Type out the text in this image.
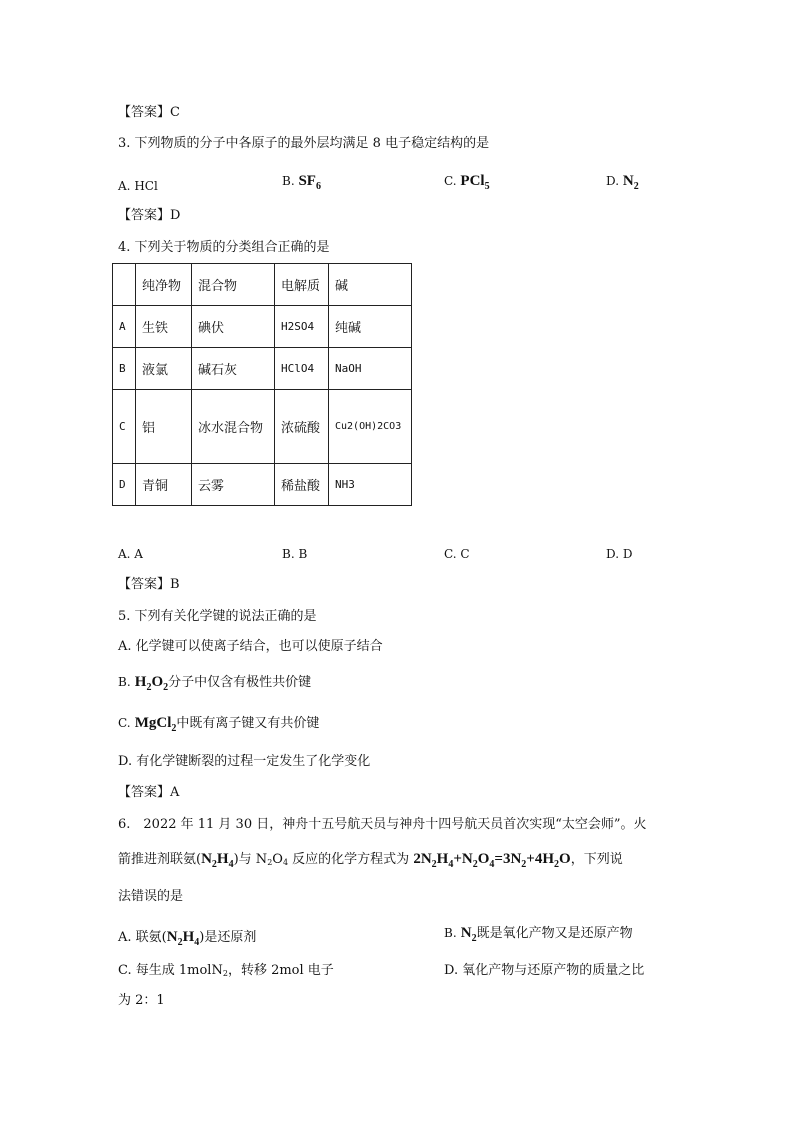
【答案】C
3. 下列物质的分子中各原子的最外层均满足 8 电子稳定结构的是
A. HCl	B. $SF_6$	C. PCl$_5$	D. $N_2$
【答案】D
4. 下列关于物质的分类组合正确的是
	纯净物	混合物	电解质	碱
A	生铁	碘伏	H2SO4	纯碱
B	液氯	碱石灰	HClO4	NaOH
C	铝	冰水混合物	浓硫酸	Cu2(OH)2CO3
D	青铜	云雾	稀盐酸	NH3
A. A	B. B	C. C	D. D
【答案】B
5. 下列有关化学键的说法正确的是
A. 化学键可以使离子结合，也可以使原子结合
B. $H_2O_2$分子中仅含有极性共价键
C. MgCl$_2$中既有离子键又有共价键
D. 有化学键断裂的过程一定发生了化学变化
【答案】A
6.　2022 年 11 月 30 日，神舟十五号航天员与神舟十四号航天员首次实现“太空会师”。火
箭推进剂联氨$(N_2H_4)$与 N2O4 反应的化学方程式为 $2N_2H_4+N_2O_4=3N_2+4H_2O$，下列说
法错误的是
A. 联氨$(N_2H_4)$是还原剂	B. $N_2$既是氧化产物又是还原产物
C. 每生成 1molN2，转移 2mol 电子	D. 氧化产物与还原产物的质量之比
为 2：1
